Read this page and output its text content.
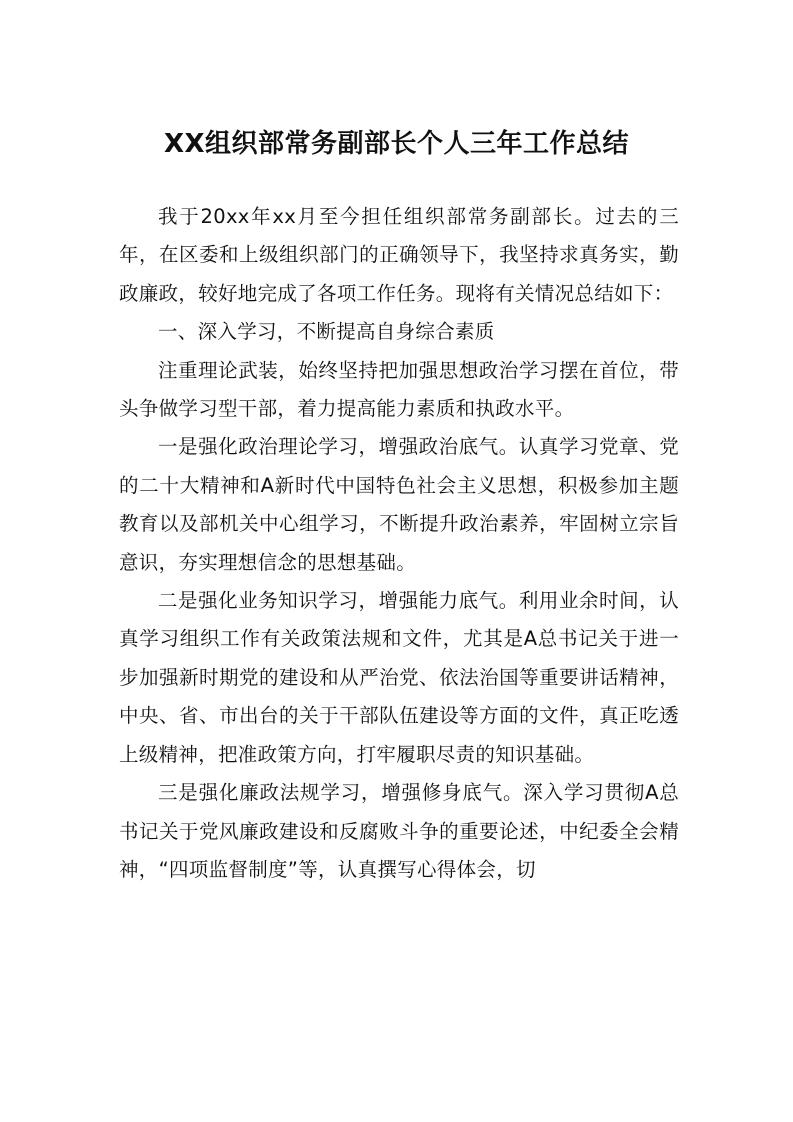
XX组织部常务副部长个人三年工作总结

我于20xx年xx月至今担任组织部常务副部长。过去的三年，在区委和上级组织部门的正确领导下，我坚持求真务实，勤政廉政，较好地完成了各项工作任务。现将有关情况总结如下：

一、深入学习，不断提高自身综合素质

注重理论武装，始终坚持把加强思想政治学习摆在首位，带头争做学习型干部，着力提高能力素质和执政水平。

一是强化政治理论学习，增强政治底气。认真学习党章、党的二十大精神和A新时代中国特色社会主义思想，积极参加主题教育以及部机关中心组学习，不断提升政治素养，牢固树立宗旨意识，夯实理想信念的思想基础。

二是强化业务知识学习，增强能力底气。利用业余时间，认真学习组织工作有关政策法规和文件，尤其是A总书记关于进一步加强新时期党的建设和从严治党、依法治国等重要讲话精神，中央、省、市出台的关于干部队伍建设等方面的文件，真正吃透上级精神，把准政策方向，打牢履职尽责的知识基础。

三是强化廉政法规学习，增强修身底气。深入学习贯彻A总书记关于党风廉政建设和反腐败斗争的重要论述，中纪委全会精神，“四项监督制度”等，认真撰写心得体会，切
